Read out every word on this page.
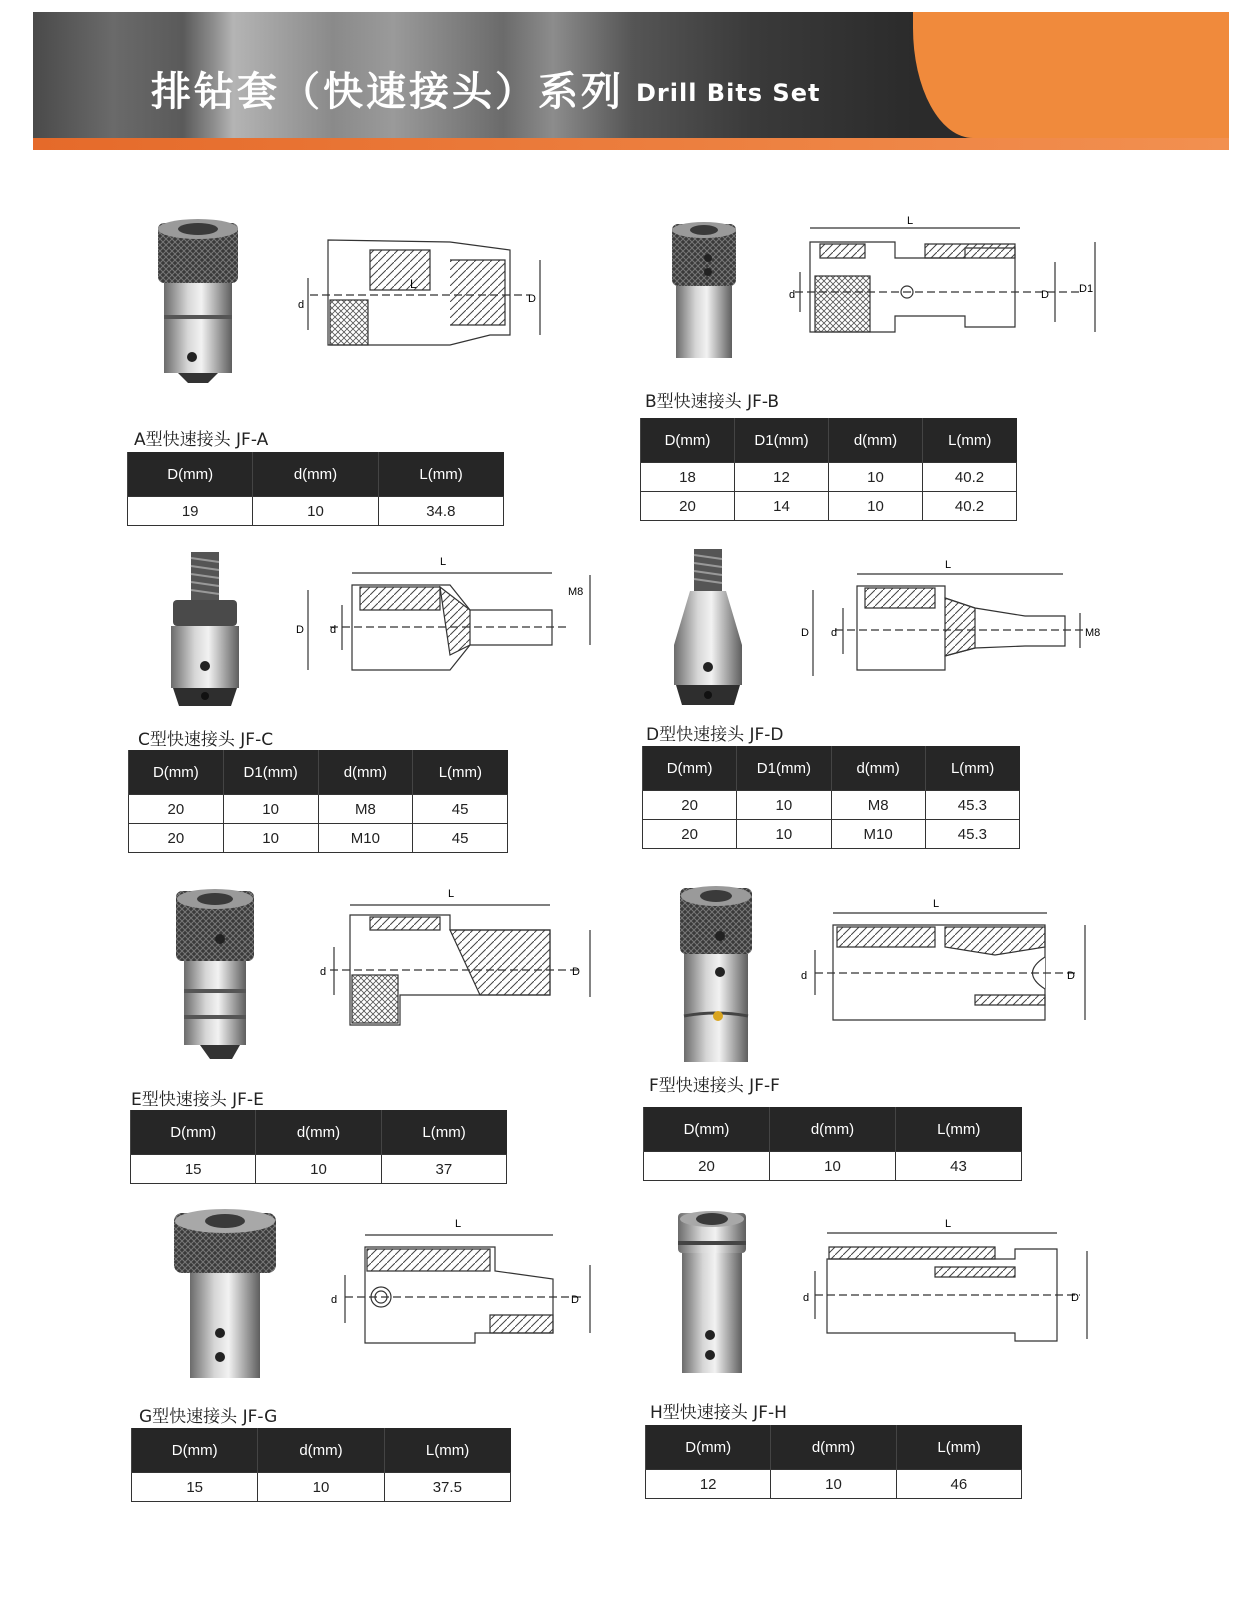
排钻套（快速接头）系列 Drill Bits Set
L
d	D
A型快速接头 JF-A
D(mm)	d(mm)	L(mm)
19	10	34.8
L
d	D	D1
B型快速接头 JF-B
D(mm)	D1(mm)	d(mm)	L(mm)
18	12	10	40.2
20	14	10	40.2
L
D d
M8
C型快速接头 JF-C
D(mm)	D1(mm)	d(mm)	L(mm)
20	10	M8	45
20	10	M10	45
L
D d	M8
D型快速接头 JF-D
D(mm)	D1(mm)	d(mm)	L(mm)
20	10	M8	45.3
20	10	M10	45.3
L
d	D
E型快速接头 JF-E
D(mm)	d(mm)	L(mm)
15	10	37
L
d	D
F型快速接头 JF-F
D(mm)	d(mm)	L(mm)
20	10	43
L
d	D
G型快速接头 JF-G
D(mm)	d(mm)	L(mm)
15	10	37.5
L
d	D
H型快速接头 JF-H
D(mm)	d(mm)	L(mm)
12	10	46
